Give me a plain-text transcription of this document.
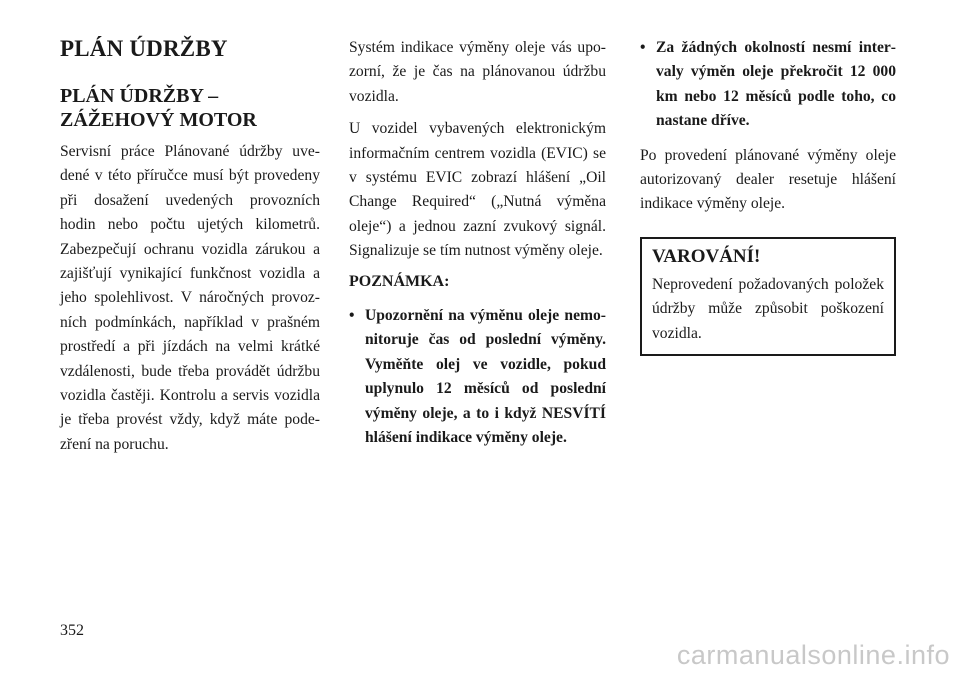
PLÁN ÚDRŽBY
PLÁN ÚDRŽBY –
ZÁŽEHOVÝ MOTOR

Servisní práce Plánované údržby uvedené v této příručce musí být provedeny při dosažení uvedených provozních hodin nebo počtu ujetých kilometrů. Zabezpečují ochranu vozidla zárukou a zajišťují vynikající funkčnost vozidla a jeho spolehlivost. V náročných provozních podmínkách, například v prašném prostředí a při jízdách na velmi krátké vzdálenosti, bude třeba provádět údržbu vozidla častěji. Kontrolu a servis vozidla je třeba provést vždy, když máte podezření na poruchu.

Systém indikace výměny oleje vás upozorní, že je čas na plánovanou údržbu vozidla.

U vozidel vybavených elektronickým informačním centrem vozidla (EVIC) se v systému EVIC zobrazí hlášení „Oil Change Required“ („Nutná výměna oleje“) a jednou zazní zvukový signál. Signalizuje se tím nutnost výměny oleje.

POZNÁMKA:
• Upozornění na výměnu oleje nemonitoruje čas od poslední výměny. Vyměňte olej ve vozidle, pokud uplynulo 12 měsíců od poslední výměny oleje, a to i když NESVÍTÍ hlášení indikace výměny oleje.
• Za žádných okolností nesmí intervaly výměn oleje překročit 12 000 km nebo 12 měsíců podle toho, co nastane dříve.

Po provedení plánované výměny oleje autorizovaný dealer resetuje hlášení indikace výměny oleje.

VAROVÁNÍ!

Neprovedení požadovaných položek údržby může způsobit poškození vozidla.

352
carmanualsonline.info
